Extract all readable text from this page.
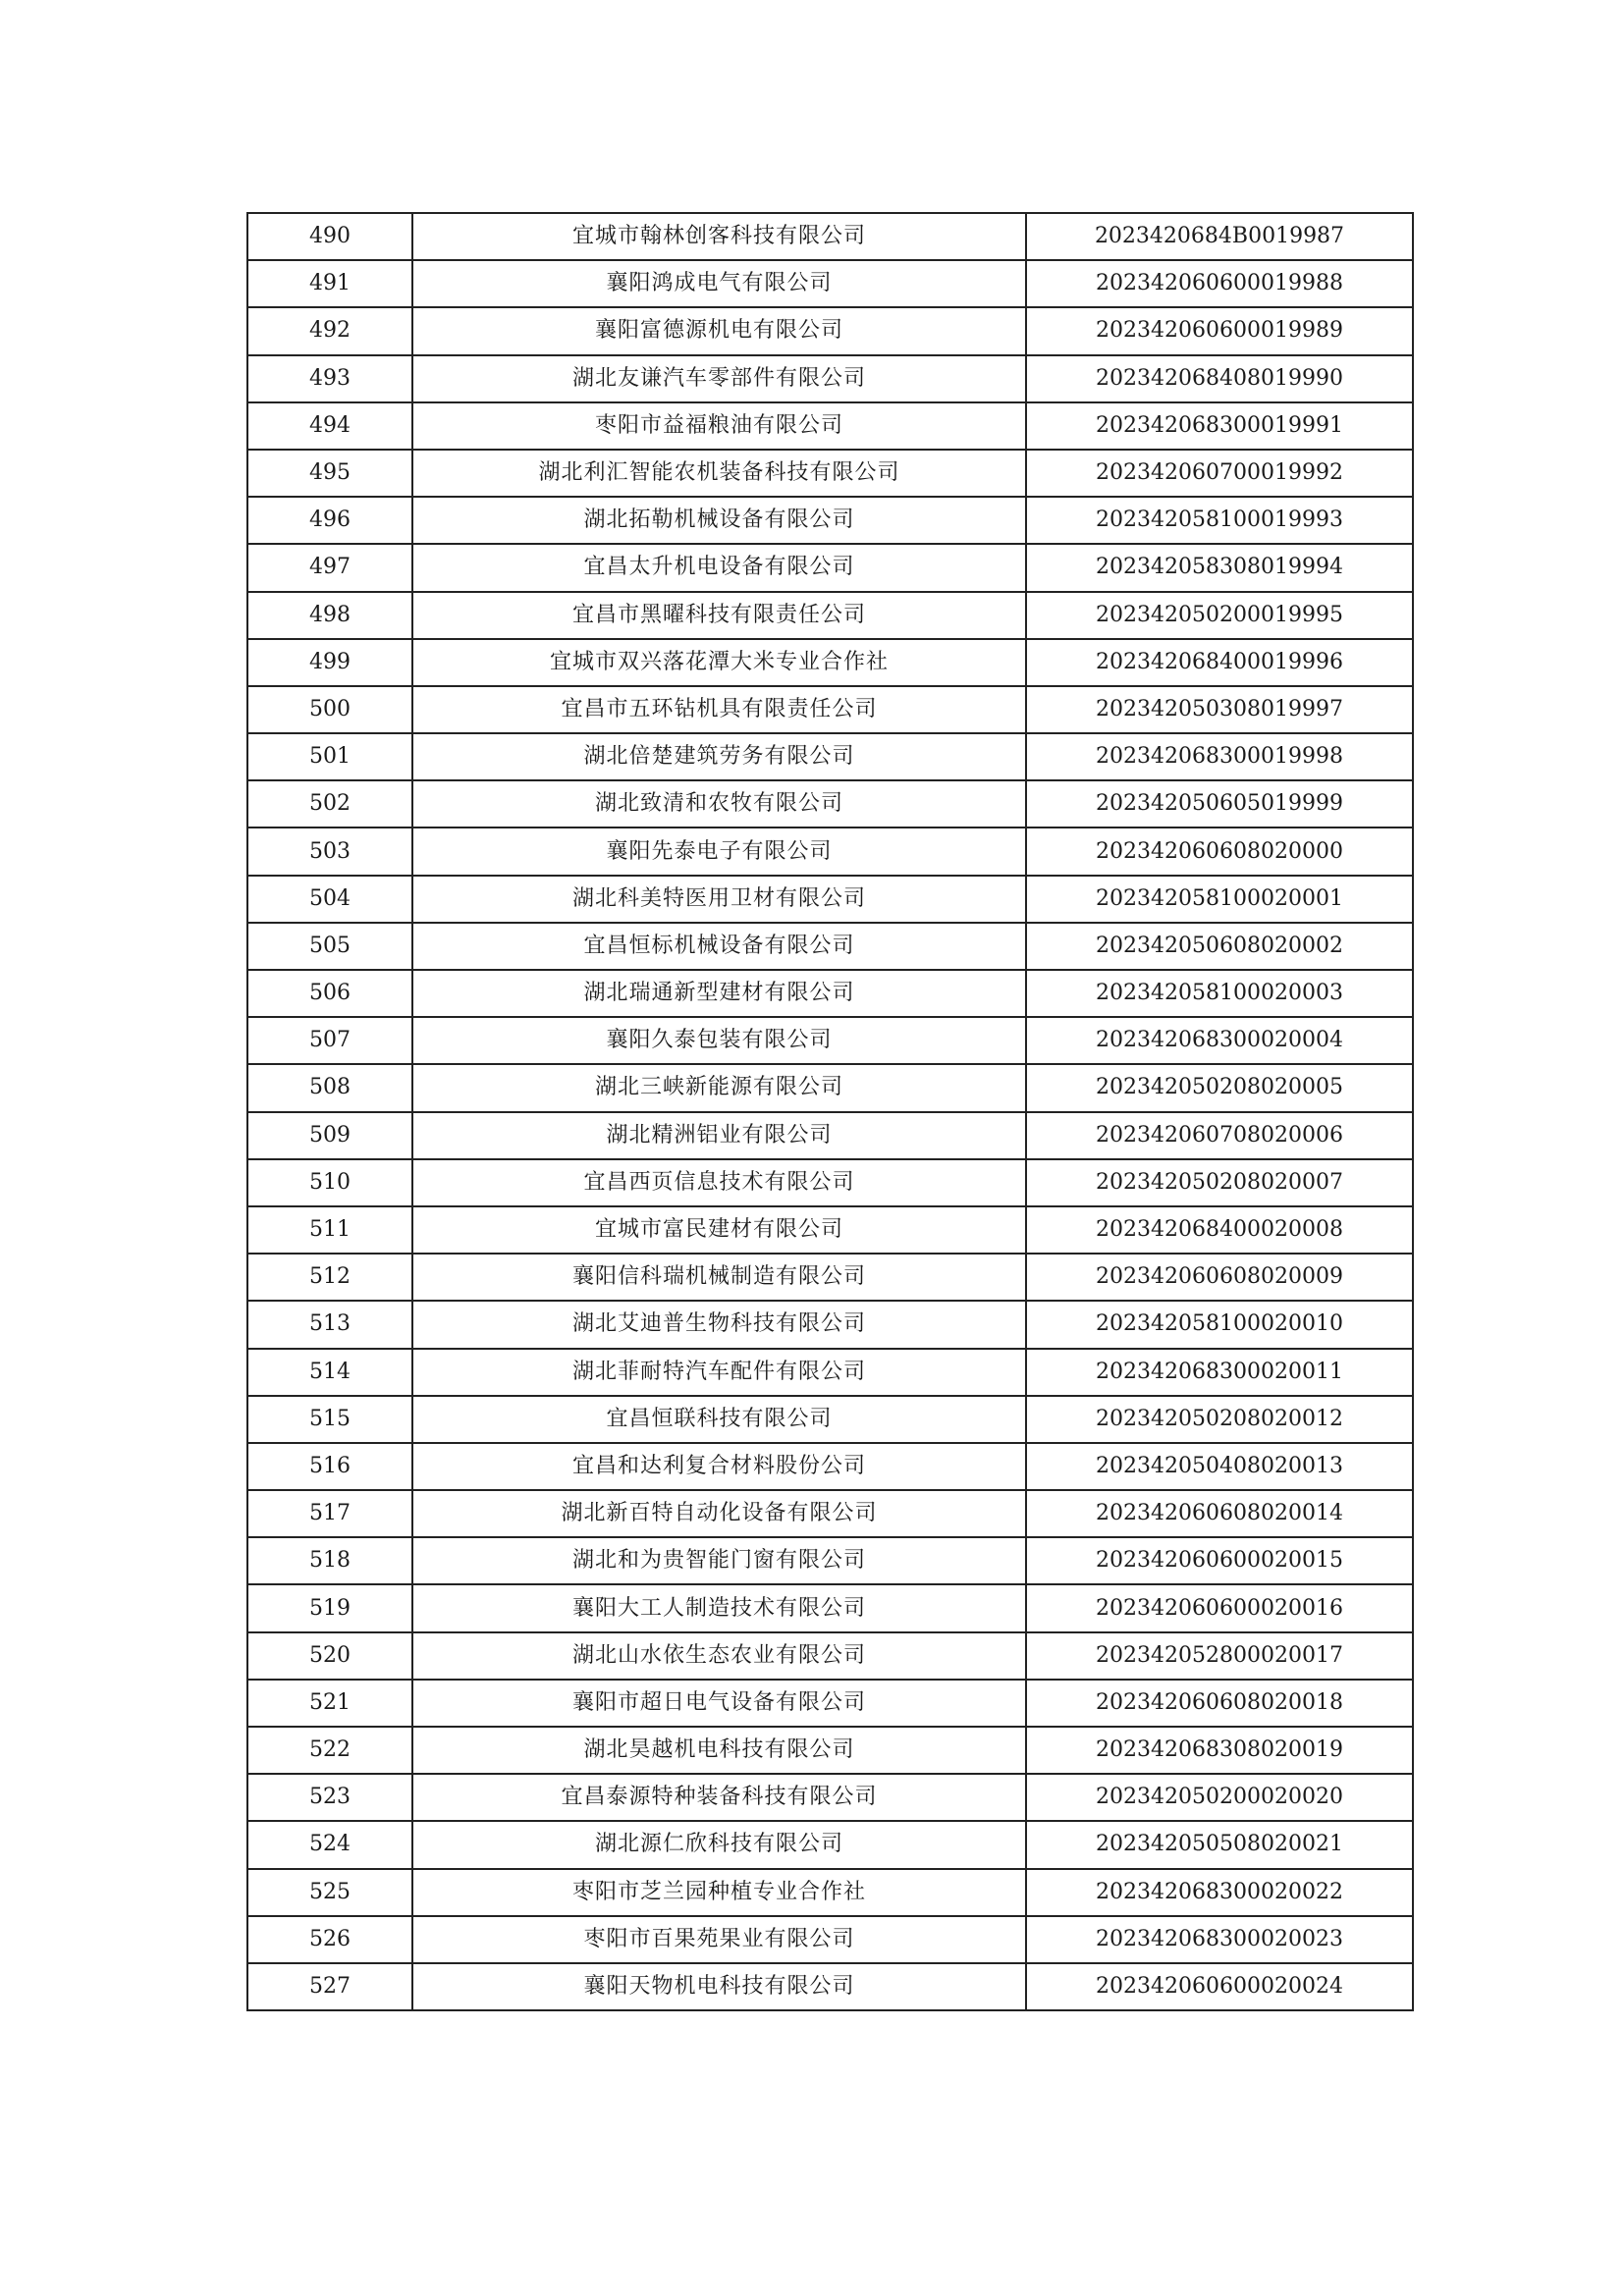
490	宜城市翰林创客科技有限公司	2023420684B0019987
491	襄阳鸿成电气有限公司	202342060600019988
492	襄阳富德源机电有限公司	202342060600019989
493	湖北友谦汽车零部件有限公司	202342068408019990
494	枣阳市益福粮油有限公司	202342068300019991
495	湖北利汇智能农机装备科技有限公司	202342060700019992
496	湖北拓勒机械设备有限公司	202342058100019993
497	宜昌太升机电设备有限公司	202342058308019994
498	宜昌市黑曜科技有限责任公司	202342050200019995
499	宜城市双兴落花潭大米专业合作社	202342068400019996
500	宜昌市五环钻机具有限责任公司	202342050308019997
501	湖北倍楚建筑劳务有限公司	202342068300019998
502	湖北致清和农牧有限公司	202342050605019999
503	襄阳先泰电子有限公司	202342060608020000
504	湖北科美特医用卫材有限公司	202342058100020001
505	宜昌恒标机械设备有限公司	202342050608020002
506	湖北瑞通新型建材有限公司	202342058100020003
507	襄阳久泰包装有限公司	202342068300020004
508	湖北三峡新能源有限公司	202342050208020005
509	湖北精洲铝业有限公司	202342060708020006
510	宜昌西页信息技术有限公司	202342050208020007
511	宜城市富民建材有限公司	202342068400020008
512	襄阳信科瑞机械制造有限公司	202342060608020009
513	湖北艾迪普生物科技有限公司	202342058100020010
514	湖北菲耐特汽车配件有限公司	202342068300020011
515	宜昌恒联科技有限公司	202342050208020012
516	宜昌和达利复合材料股份公司	202342050408020013
517	湖北新百特自动化设备有限公司	202342060608020014
518	湖北和为贵智能门窗有限公司	202342060600020015
519	襄阳大工人制造技术有限公司	202342060600020016
520	湖北山水依生态农业有限公司	202342052800020017
521	襄阳市超日电气设备有限公司	202342060608020018
522	湖北昊越机电科技有限公司	202342068308020019
523	宜昌泰源特种装备科技有限公司	202342050200020020
524	湖北源仁欣科技有限公司	202342050508020021
525	枣阳市芝兰园种植专业合作社	202342068300020022
526	枣阳市百果苑果业有限公司	202342068300020023
527	襄阳天物机电科技有限公司	202342060600020024
